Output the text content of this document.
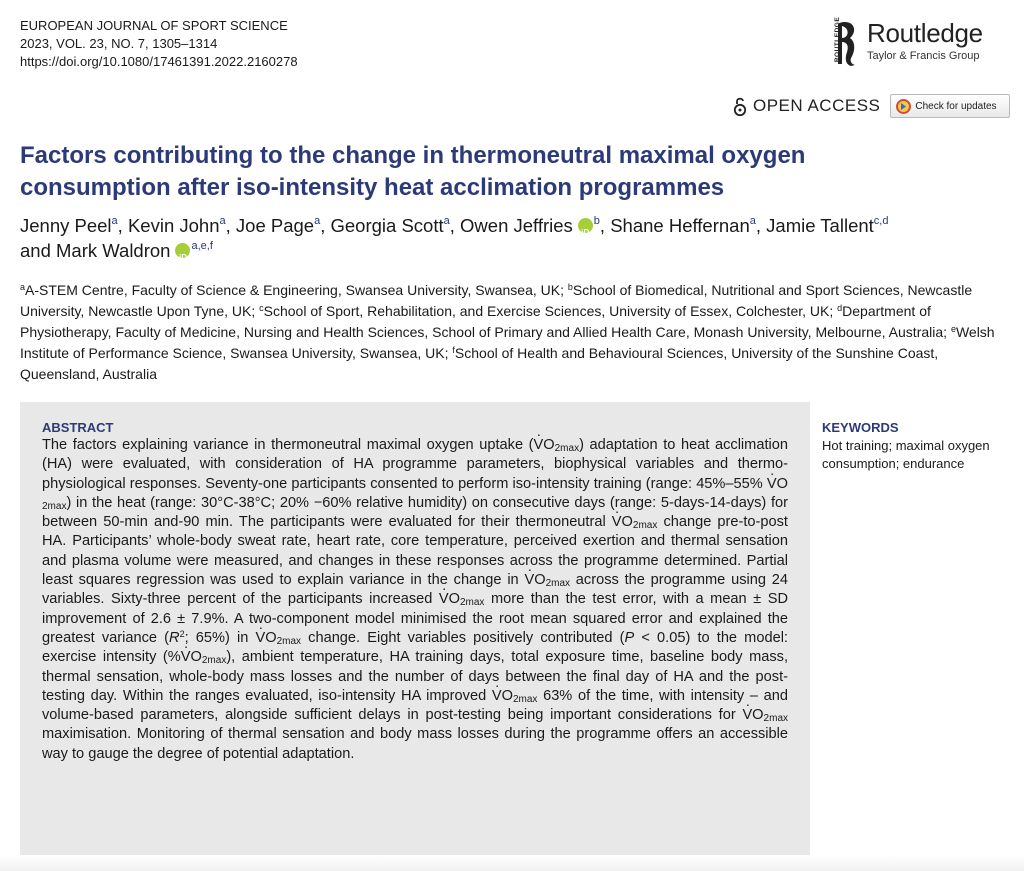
EUROPEAN JOURNAL OF SPORT SCIENCE
2023, VOL. 23, NO. 7, 1305–1314
https://doi.org/10.1080/17461391.2022.2160278	ROUTLEDGE Routledge
Taylor & Francis Group
OPEN ACCESS	Check for updates
Factors contributing to the change in thermoneutral maximal oxygen
consumption after iso-intensity heat acclimation programmes
Jenny Peel$^a$, Kevin John$^a$, Joe Page$^a$, Georgia Scott$^a$, Owen Jeffries iD $^b$, Shane Heffernan$^a$, Jamie Tallent$^{c,d}$
and Mark Waldron iD $^{a,e,f}$
$^a$A-STEM Centre, Faculty of Science & Engineering, Swansea University, Swansea, UK; $^b$School of Biomedical, Nutritional and Sport Sciences, Newcastle University, Newcastle Upon Tyne, UK; $^c$School of Sport, Rehabilitation, and Exercise Sciences, University of Essex, Colchester, UK; $^d$Department of Physiotherapy, Faculty of Medicine, Nursing and Health Sciences, School of Primary and Allied Health Care, Monash University, Melbourne, Australia; $^e$Welsh Institute of Performance Science, Swansea University, Swansea, UK; $^f$School of Health and Behavioural Sciences, University of the Sunshine Coast, Queensland, Australia
ABSTRACT
The factors explaining variance in thermoneutral maximal oxygen uptake (· $VO_{2max}$) adaptation to heat acclimation (HA) were evaluated, with consideration of HA programme parameters, biophysical variables and thermo-physiological responses. Seventy-one participants consented to perform iso-intensity training (range: $45\%-55\% \cdot VO_{2max}$) in the heat (range: 30°C-38°C; 20% −60% relative humidity) on consecutive days (range: 5-days-14-days) for between 50-min and-90 min. The participants were evaluated for their thermoneutral · $VO_{2max}$ change pre-to-post HA. Participants’ whole-body sweat rate, heart rate, core temperature, perceived exertion and thermal sensation and plasma volume were measured, and changes in these responses across the programme determined. Partial least squares regression was used to explain variance in the change in · $VO_{2max}$ across the programme using 24 variables. Sixty-three percent of the participants increased · $VO_{2max}$ more than the test error, with a mean ± SD improvement of 2.6 ± 7.9%. A two-component model minimised the root mean squared error and explained the greatest variance ($R^2$; 65%) in · $VO_{2max}$ change. Eight variables positively contributed (P < 0.05) to the model: exercise intensity (%· $VO_{2max}$), ambient temperature, HA training days, total exposure time, baseline body mass, thermal sensation, whole-body mass losses and the number of days between the final day of HA and the post-testing day. Within the ranges evaluated, iso-intensity HA improved · $VO_{2max}$ 63% of the time, with intensity – and volume-based parameters, alongside sufficient delays in post-testing being important considerations for · $VO_{2max}$ maximisation. Monitoring of thermal sensation and body mass losses during the programme offers an accessible way to gauge the degree of potential adaptation.
KEYWORDS
Hot training; maximal oxygen consumption; endurance
